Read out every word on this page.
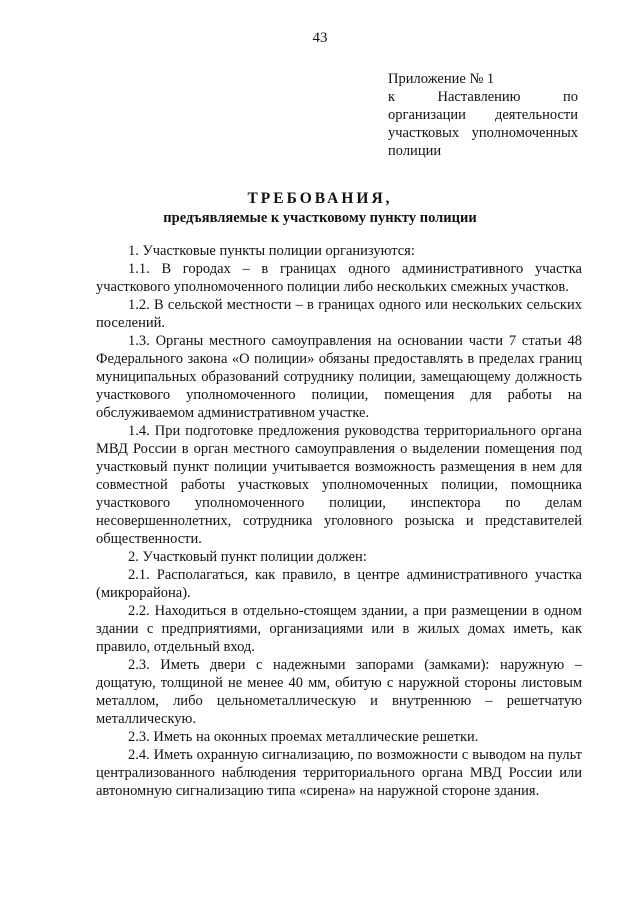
43
Приложение № 1
к Наставлению по
организации деятельности
участковых уполномоченных
полиции
ТРЕБОВАНИЯ,
предъявляемые к участковому пункту полиции

1. Участковые пункты полиции организуются:

1.1. В городах – в границах одного административного участка участкового уполномоченного полиции либо нескольких смежных участков.

1.2. В сельской местности – в границах одного или нескольких сельских поселений.

1.3. Органы местного самоуправления на основании части 7 статьи 48 Федерального закона «О полиции» обязаны предоставлять в пределах границ муниципальных образований сотруднику полиции, замещающему должность участкового уполномоченного полиции, помещения для работы на обслуживаемом административном участке.

1.4. При подготовке предложения руководства территориального органа МВД России в орган местного самоуправления о выделении помещения под участковый пункт полиции учитывается возможность размещения в нем для совместной работы участковых уполномоченных полиции, помощника участкового уполномоченного полиции, инспектора по делам несовершеннолетних, сотрудника уголовного розыска и представителей общественности.

2. Участковый пункт полиции должен:

2.1. Располагаться, как правило, в центре административного участка (микрорайона).

2.2. Находиться в отдельно-стоящем здании, а при размещении в одном здании с предприятиями, организациями или в жилых домах иметь, как правило, отдельный вход.

2.3. Иметь двери с надежными запорами (замками): наружную – дощатую, толщиной не менее 40 мм, обитую с наружной стороны листовым металлом, либо цельнометаллическую и внутреннюю – решетчатую металлическую.

2.3. Иметь на оконных проемах металлические решетки.

2.4. Иметь охранную сигнализацию, по возможности с выводом на пульт централизованного наблюдения территориального органа МВД России или автономную сигнализацию типа «сирена» на наружной стороне здания.
